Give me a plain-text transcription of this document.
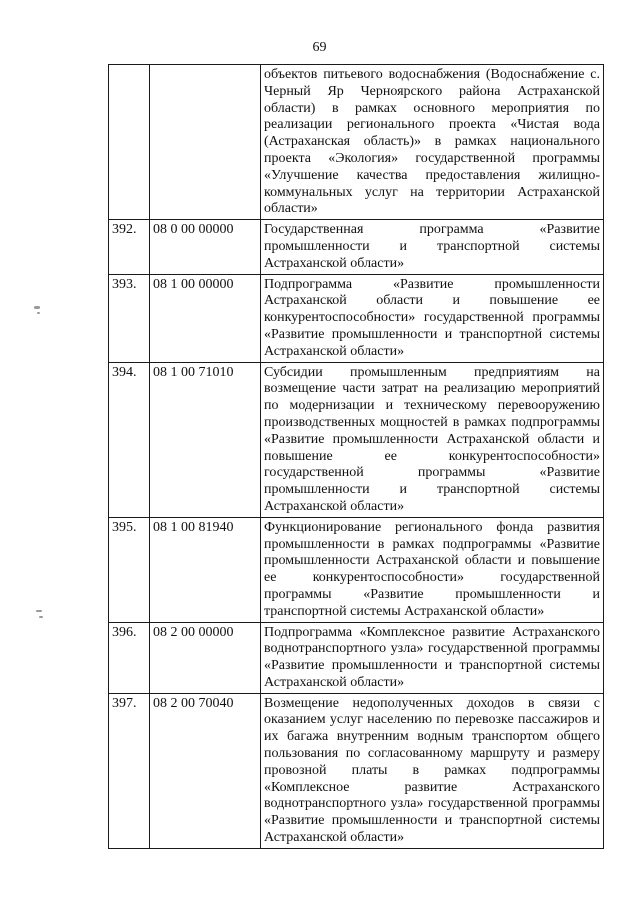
69
		объектов питьевого водоснабжения (Водоснабжение с. Черный Яр Черноярского района Астраханской области) в рамках основного мероприятия по реализации регионального проекта «Чистая вода (Астраханская область)» в рамках национального проекта «Экология» государственной программы «Улучшение качества предоставления жилищно-коммунальных услуг на территории Астраханской области»
392.	08 0 00 00000	Государственная программа «Развитие промышленности и транспортной системы Астраханской области»
393.	08 1 00 00000	Подпрограмма «Развитие промышленности Астраханской области и повышение ее конкурентоспособности» государственной программы «Развитие промышленности и транспортной системы Астраханской области»
394.	08 1 00 71010	Субсидии промышленным предприятиям на возмещение части затрат на реализацию мероприятий по модернизации и техническому перевооружению производственных мощностей в рамках подпрограммы «Развитие промышленности Астраханской области и повышение ее конкурентоспособности» государственной программы «Развитие промышленности и транспортной системы Астраханской области»
395.	08 1 00 81940	Функционирование регионального фонда развития промышленности в рамках подпрограммы «Развитие промышленности Астраханской области и повышение ее конкурентоспособности» государственной программы «Развитие промышленности и транспортной системы Астраханской области»
396.	08 2 00 00000	Подпрограмма «Комплексное развитие Астраханского воднотранспортного узла» государственной программы «Развитие промышленности и транспортной системы Астраханской области»
397.	08 2 00 70040	Возмещение недополученных доходов в связи с оказанием услуг населению по перевозке пассажиров и их багажа внутренним водным транспортом общего пользования по согласованному маршруту и размеру провозной платы в рамках подпрограммы «Комплексное развитие Астраханского воднотранспортного узла» государственной программы «Развитие промышленности и транспортной системы Астраханской области»
